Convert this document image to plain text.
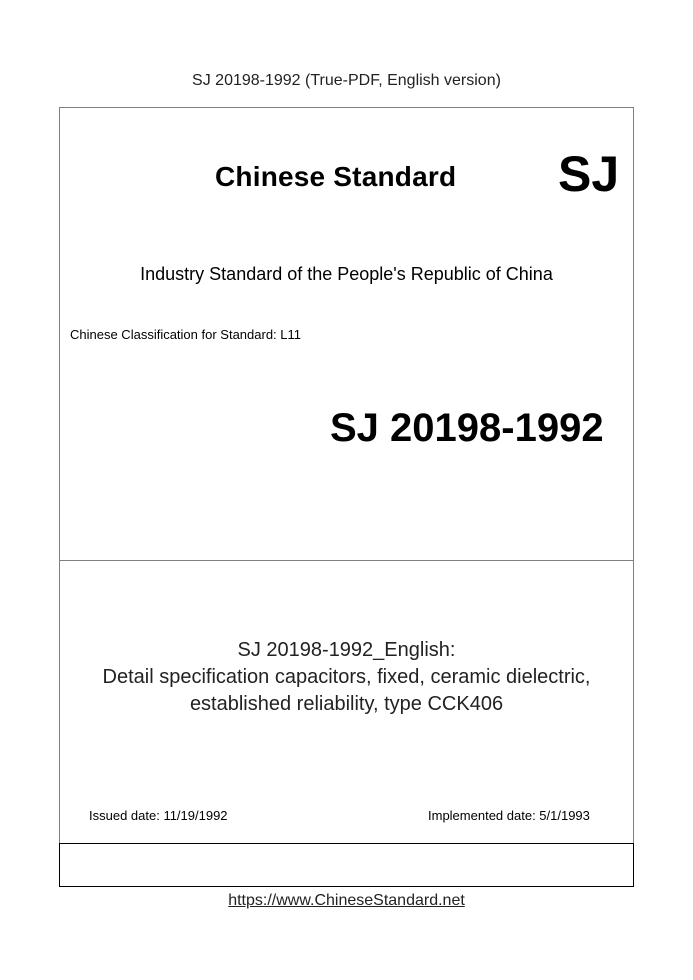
SJ 20198-1992 (True-PDF, English version)
Chinese Standard SJ
Industry Standard of the People's Republic of China
Chinese Classification for Standard: L11
SJ 20198-1992
SJ 20198-1992_English:
Detail specification capacitors, fixed, ceramic dielectric,
established reliability, type CCK406
Issued date: 11/19/1992	Implemented date: 5/1/1993
https://www.ChineseStandard.net
